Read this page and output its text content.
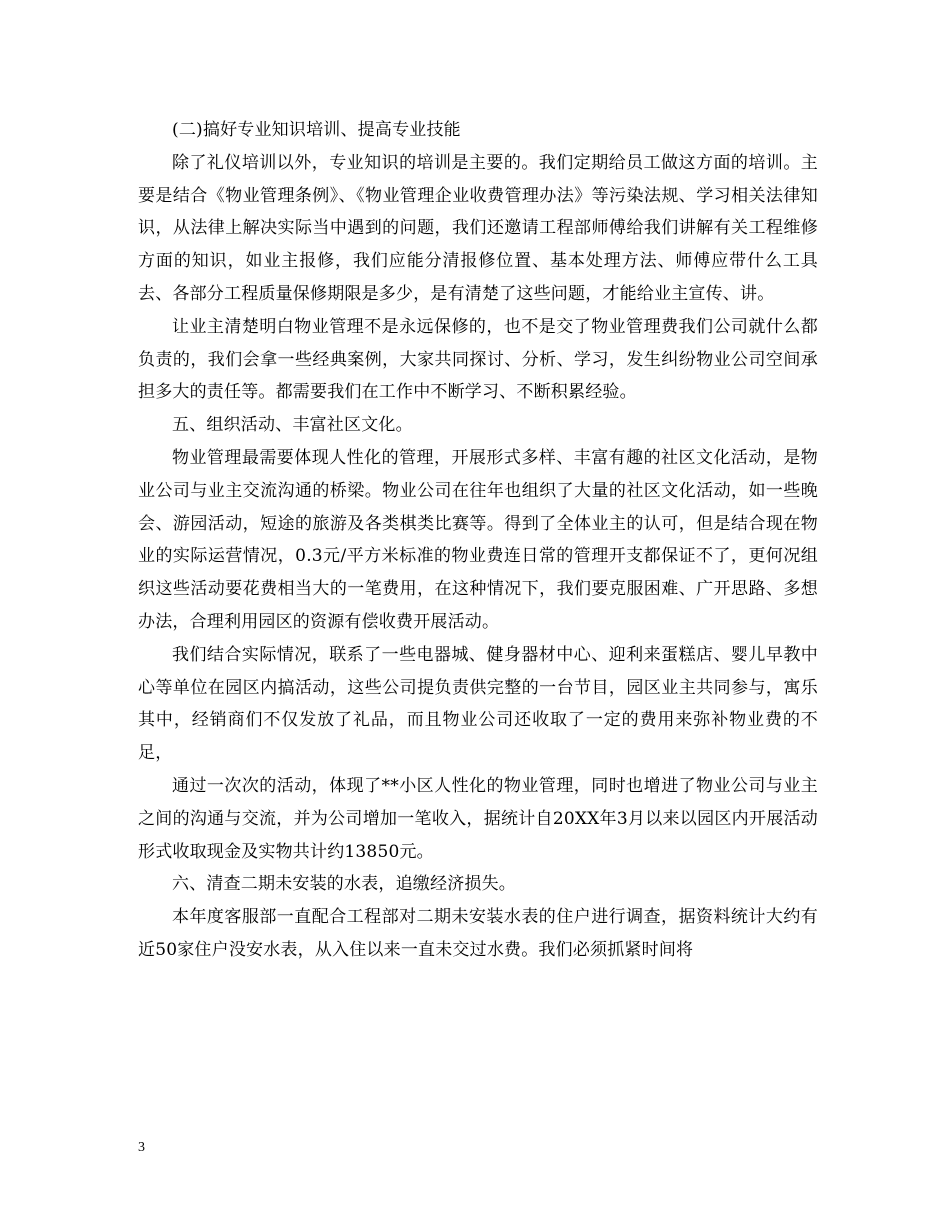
(二)搞好专业知识培训、提高专业技能

除了礼仪培训以外，专业知识的培训是主要的。我们定期给员工做这方面的培训。主要是结合《物业管理条例》、《物业管理企业收费管理办法》等污染法规、学习相关法律知识，从法律上解决实际当中遇到的问题，我们还邀请工程部师傅给我们讲解有关工程维修方面的知识，如业主报修，我们应能分清报修位置、基本处理方法、师傅应带什么工具去、各部分工程质量保修期限是多少，是有清楚了这些问题，才能给业主宣传、讲。

让业主清楚明白物业管理不是永远保修的，也不是交了物业管理费我们公司就什么都负责的，我们会拿一些经典案例，大家共同探讨、分析、学习，发生纠纷物业公司空间承担多大的责任等。都需要我们在工作中不断学习、不断积累经验。

五、组织活动、丰富社区文化。

物业管理最需要体现人性化的管理，开展形式多样、丰富有趣的社区文化活动，是物业公司与业主交流沟通的桥梁。物业公司在往年也组织了大量的社区文化活动，如一些晚会、游园活动，短途的旅游及各类棋类比赛等。得到了全体业主的认可，但是结合现在物业的实际运营情况，0.3元/平方米标准的物业费连日常的管理开支都保证不了，更何况组织这些活动要花费相当大的一笔费用，在这种情况下，我们要克服困难、广开思路、多想办法，合理利用园区的资源有偿收费开展活动。

我们结合实际情况，联系了一些电器城、健身器材中心、迎利来蛋糕店、婴儿早教中心等单位在园区内搞活动，这些公司提负责供完整的一台节目，园区业主共同参与，寓乐其中，经销商们不仅发放了礼品，而且物业公司还收取了一定的费用来弥补物业费的不足，

通过一次次的活动，体现了**小区人性化的物业管理，同时也增进了物业公司与业主之间的沟通与交流，并为公司增加一笔收入，据统计自20XX年3月以来以园区内开展活动形式收取现金及实物共计约13850元。

六、清查二期未安装的水表，追缴经济损失。

本年度客服部一直配合工程部对二期未安装水表的住户进行调查，据资料统计大约有近50家住户没安水表，从入住以来一直未交过水费。我们必须抓紧时间将

3
